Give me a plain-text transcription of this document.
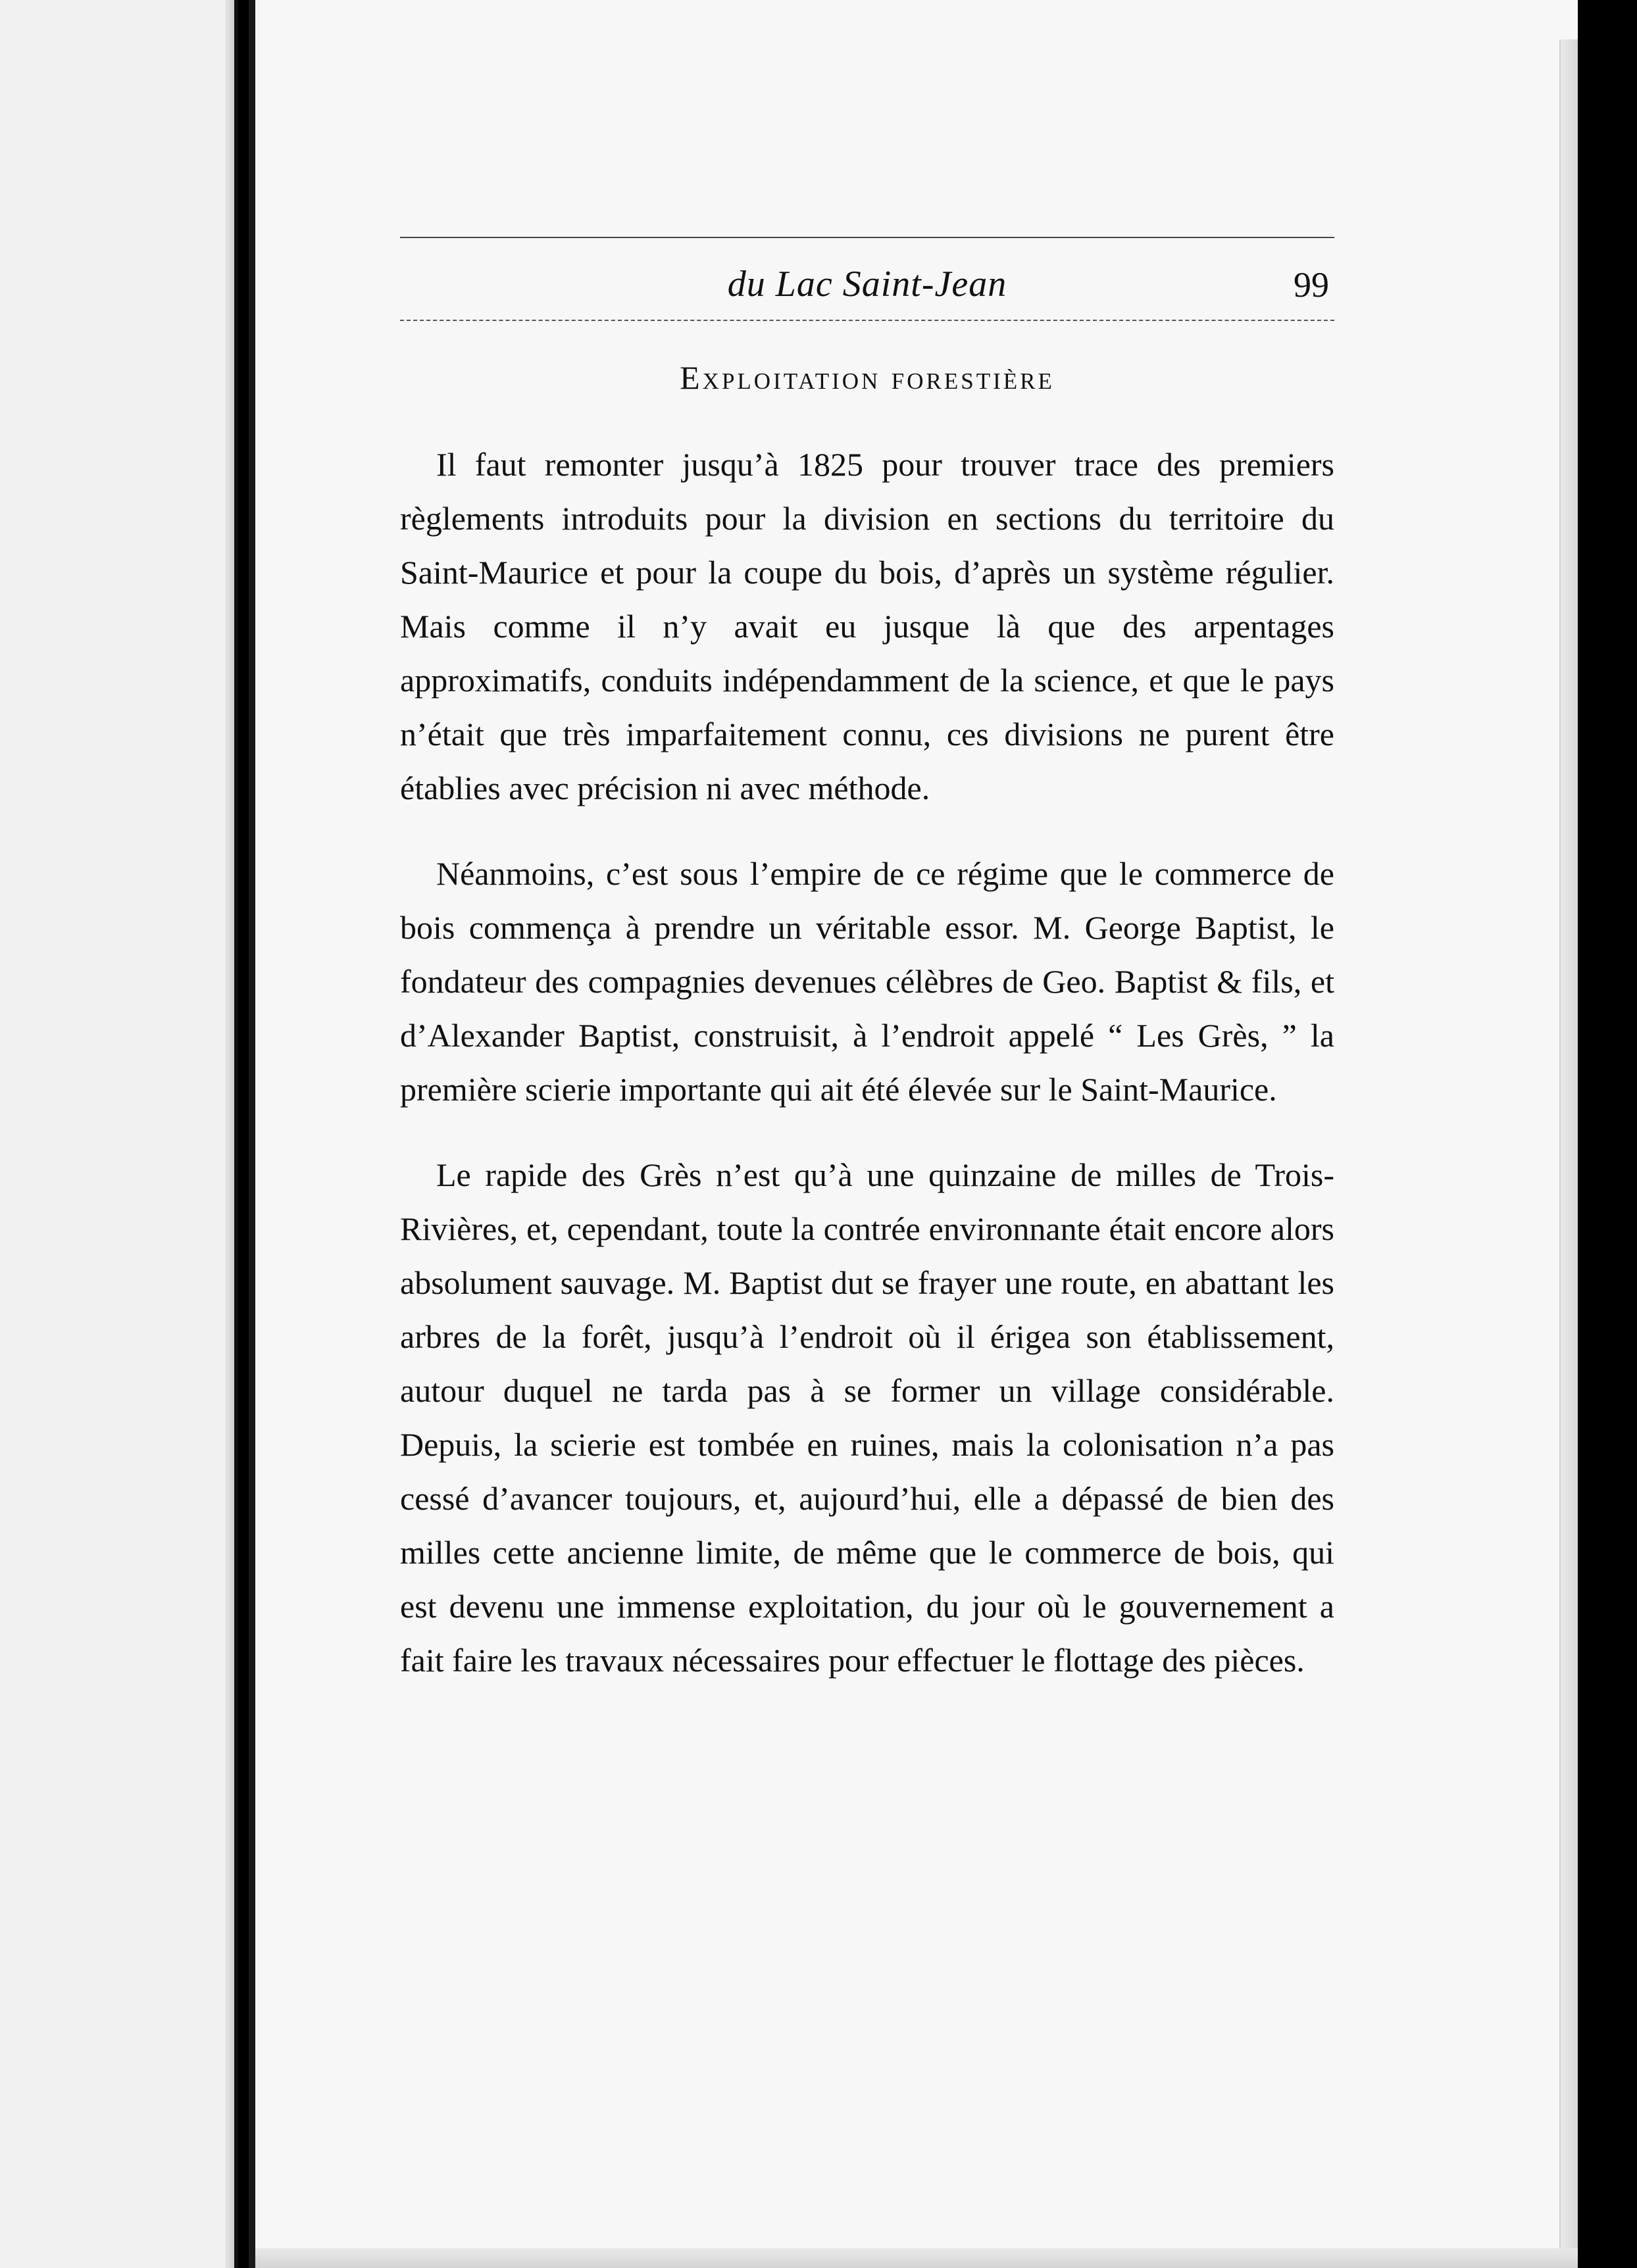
du Lac Saint-Jean	99
Exploitation forestière

Il faut remonter jusqu’à 1825 pour trouver trace des premiers règlements introduits pour la division en sections du territoire du Saint-Maurice et pour la coupe du bois, d’après un système régulier. Mais comme il n’y avait eu jusque là que des arpentages approximatifs, conduits indépendamment de la science, et que le pays n’était que très imparfaitement connu, ces divisions ne purent être établies avec précision ni avec méthode.

Néanmoins, c’est sous l’empire de ce régime que le commerce de bois commença à prendre un véritable essor. M. George Baptist, le fondateur des compagnies devenues célèbres de Geo. Baptist & fils, et d’Alexander Baptist, construisit, à l’endroit appelé “ Les Grès, ” la première scierie importante qui ait été élevée sur le Saint-Maurice.

Le rapide des Grès n’est qu’à une quinzaine de milles de Trois-Rivières, et, cependant, toute la contrée environnante était encore alors absolument sauvage. M. Baptist dut se frayer une route, en abattant les arbres de la forêt, jusqu’à l’endroit où il érigea son établissement, autour duquel ne tarda pas à se former un village considérable. Depuis, la scierie est tombée en ruines, mais la colonisation n’a pas cessé d’avancer toujours, et, aujourd’hui, elle a dépassé de bien des milles cette ancienne limite, de même que le commerce de bois, qui est devenu une immense exploitation, du jour où le gouvernement a fait faire les travaux nécessaires pour effectuer le flottage des pièces.
